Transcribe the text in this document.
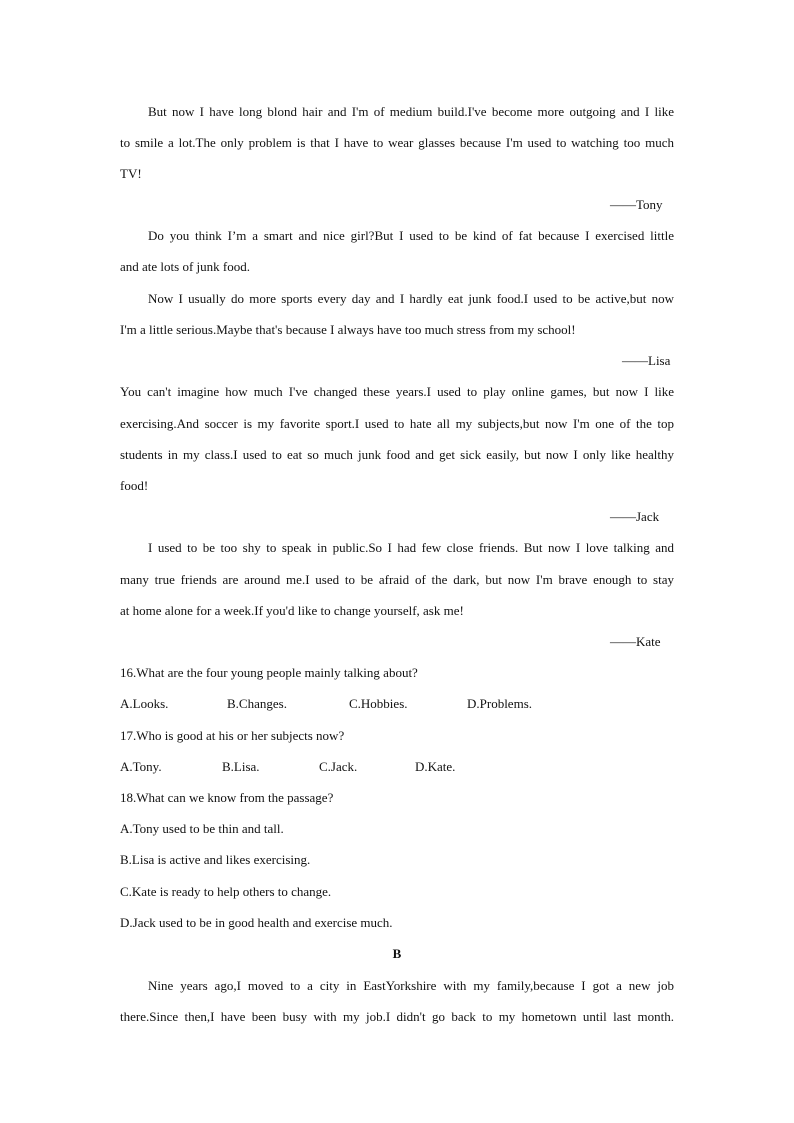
But now I have long blond hair and I'm of medium build.I've become more outgoing and I like
to smile a lot.The only problem is that I have to wear glasses because I'm used to watching too much
TV!
——Tony
Do you think I’m a smart and nice girl?But I used to be kind of fat because I exercised little
and ate lots of junk food.
Now I usually do more sports every day and I hardly eat junk food.I used to be active,but now
I'm a little serious.Maybe that's because I always have too much stress from my school!
——Lisa
You can't imagine how much I've changed these years.I used to play online games, but now I like
exercising.And soccer is my favorite sport.I used to hate all my subjects,but now I'm one of the top
students in my class.I used to eat so much junk food and get sick easily, but now I only like healthy
food!
——Jack
I used to be too shy to speak in public.So I had few close friends. But now I love talking and
many true friends are around me.I used to be afraid of the dark, but now I'm brave enough to stay
at home alone for a week.If you'd like to change yourself, ask me!
——Kate
16.What are the four young people mainly talking about?
A.Looks.	B.Changes.	C.Hobbies.	D.Problems.
17.Who is good at his or her subjects now?
A.Tony.	B.Lisa.	C.Jack.	D.Kate.
18.What can we know from the passage?
A.Tony used to be thin and tall.
B.Lisa is active and likes exercising.
C.Kate is ready to help others to change.
D.Jack used to be in good health and exercise much.
B
Nine years ago,I moved to a city in EastYorkshire with my family,because I got a new job
there.Since then,I have been busy with my job.I didn't go back to my hometown until last month.
